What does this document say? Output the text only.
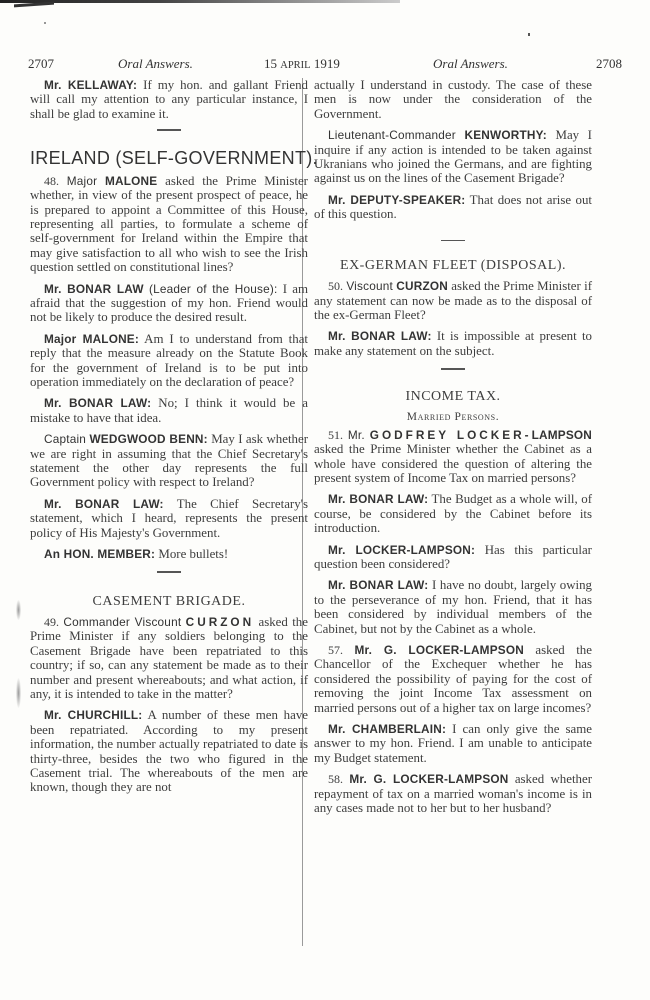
2707	Oral Answers.	15 APRIL 1919	Oral Answers.	2708

Mr. KELLAWAY: If my hon. and gallant Friend will call my attention to any particular instance, I shall be glad to examine it.

IRELAND (SELF-GOVERNMENT).

48. Major MALONE asked the Prime Minister whether, in view of the present prospect of peace, he is prepared to appoint a Committee of this House, representing all parties, to formulate a scheme of self-government for Ireland within the Empire that may give satisfaction to all who wish to see the Irish question settled on constitutional lines?

Mr. BONAR LAW (Leader of the House): I am afraid that the suggestion of my hon. Friend would not be likely to produce the desired result.

Major MALONE: Am I to understand from that reply that the measure already on the Statute Book for the government of Ireland is to be put into operation immediately on the declaration of peace?

Mr. BONAR LAW: No; I think it would be a mistake to have that idea.

Captain WEDGWOOD BENN: May I ask whether we are right in assuming that the Chief Secretary's statement the other day represents the full Government policy with respect to Ireland?

Mr. BONAR LAW: The Chief Secretary's statement, which I heard, represents the present policy of His Majesty's Government.

An HON. MEMBER: More bullets!

CASEMENT BRIGADE.

49. Commander Viscount CURZON asked the Prime Minister if any soldiers belonging to the Casement Brigade have been repatriated to this country; if so, can any statement be made as to their number and present whereabouts; and what action, if any, it is intended to take in the matter?

Mr. CHURCHILL: A number of these men have been repatriated. According to my present information, the number actually repatriated to date is thirty-three, besides the two who figured in the Casement trial. The whereabouts of the men are known, though they are not

actually I understand in custody. The case of these men is now under the consideration of the Government.

Lieutenant-Commander KENWORTHY: May I inquire if any action is intended to be taken against Ukranians who joined the Germans, and are fighting against us on the lines of the Casement Brigade?

Mr. DEPUTY-SPEAKER: That does not arise out of this question.

EX-GERMAN FLEET (DISPOSAL).

50. Viscount CURZON asked the Prime Minister if any statement can now be made as to the disposal of the ex-German Fleet?

Mr. BONAR LAW: It is impossible at present to make any statement on the subject.

INCOME TAX.
Married Persons.

51. Mr. GODFREY LOCKER-LAMPSON asked the Prime Minister whether the Cabinet as a whole have considered the question of altering the present system of Income Tax on married persons?

Mr. BONAR LAW: The Budget as a whole will, of course, be considered by the Cabinet before its introduction.

Mr. LOCKER-LAMPSON: Has this particular question been considered?

Mr. BONAR LAW: I have no doubt, largely owing to the perseverance of my hon. Friend, that it has been considered by individual members of the Cabinet, but not by the Cabinet as a whole.

57. Mr. G. LOCKER-LAMPSON asked the Chancellor of the Exchequer whether he has considered the possibility of paying for the cost of removing the joint Income Tax assessment on married persons out of a higher tax on large incomes?

Mr. CHAMBERLAIN: I can only give the same answer to my hon. Friend. I am unable to anticipate my Budget statement.

58. Mr. G. LOCKER-LAMPSON asked whether repayment of tax on a married woman's income is in any cases made not to her but to her husband?
